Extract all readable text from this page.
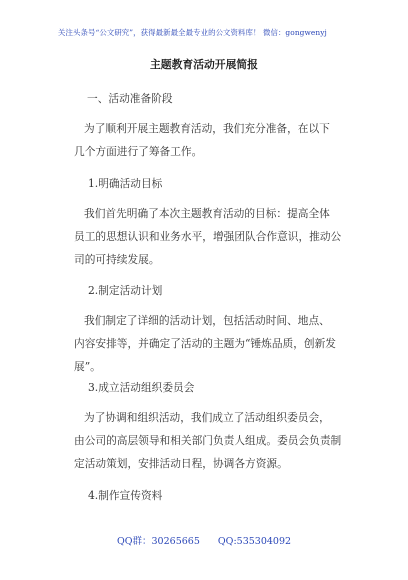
关注头条号“公文研究”，获得最新最全最专业的公文资料库！ 微信：gongwenyj
主题教育活动开展简报
一、活动准备阶段
为了顺利开展主题教育活动，我们充分准备，在以下
几个方面进行了筹备工作。
1.明确活动目标
我们首先明确了本次主题教育活动的目标：提高全体
员工的思想认识和业务水平，增强团队合作意识，推动公
司的可持续发展。
2.制定活动计划
我们制定了详细的活动计划，包括活动时间、地点、
内容安排等，并确定了活动的主题为“锤炼品质，创新发
展”。
3.成立活动组织委员会
为了协调和组织活动，我们成立了活动组织委员会，
由公司的高层领导和相关部门负责人组成。委员会负责制
定活动策划，安排活动日程，协调各方资源。
4.制作宣传资料
QQ群：30265665 QQ:535304092
